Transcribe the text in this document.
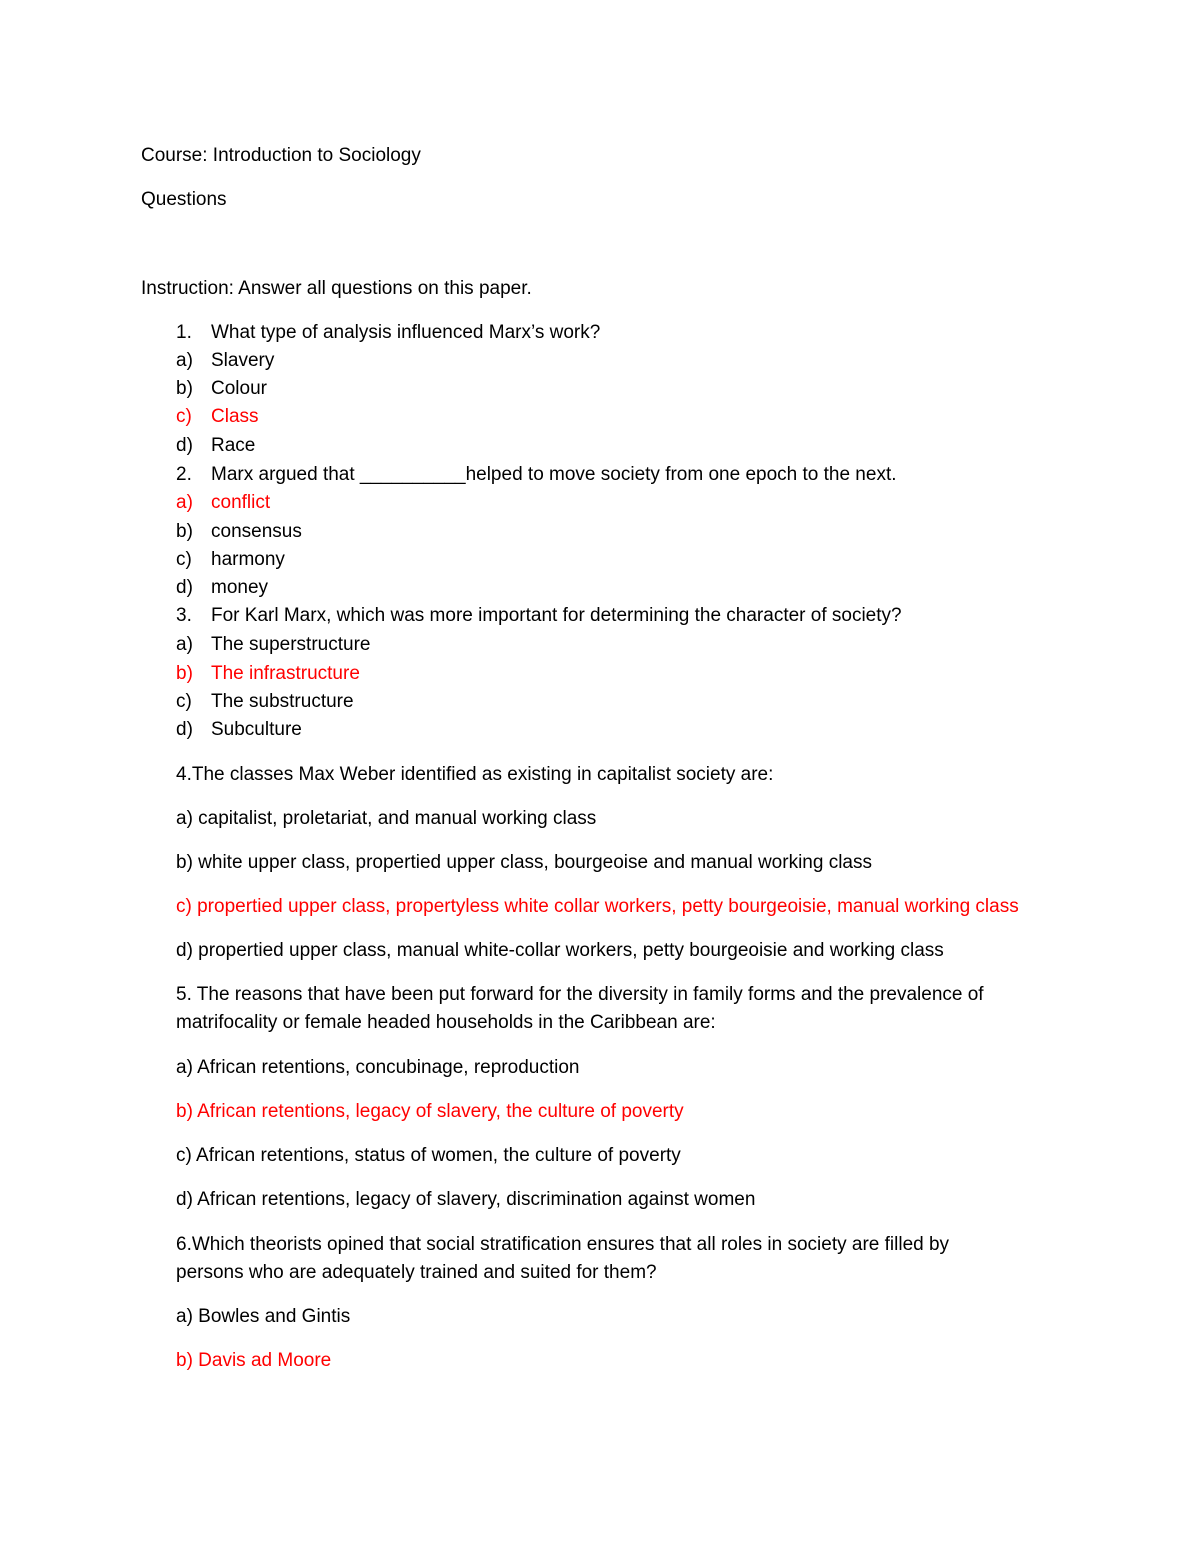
Course: Introduction to Sociology
Questions
Instruction: Answer all questions on this paper.
1. What type of analysis influenced Marx’s work?
a) Slavery
b) Colour
c) Class
d) Race
2. Marx argued that __________helped to move society from one epoch to the next.
a) conflict
b) consensus
c) harmony
d) money
3. For Karl Marx, which was more important for determining the character of society?
a) The superstructure
b) The infrastructure
c) The substructure
d) Subculture
4.The classes Max Weber identified as existing in capitalist society are:
a) capitalist, proletariat, and manual working class
b) white upper class, propertied upper class, bourgeoise and manual working class
c) propertied upper class, propertyless white collar workers, petty bourgeoisie, manual working class
d) propertied upper class, manual white-collar workers, petty bourgeoisie and working class
5. The reasons that have been put forward for the diversity in family forms and the prevalence of
matrifocality or female headed households in the Caribbean are:
a) African retentions, concubinage, reproduction
b) African retentions, legacy of slavery, the culture of poverty
c) African retentions, status of women, the culture of poverty
d) African retentions, legacy of slavery, discrimination against women
6.Which theorists opined that social stratification ensures that all roles in society are filled by
persons who are adequately trained and suited for them?
a) Bowles and Gintis
b) Davis ad Moore
